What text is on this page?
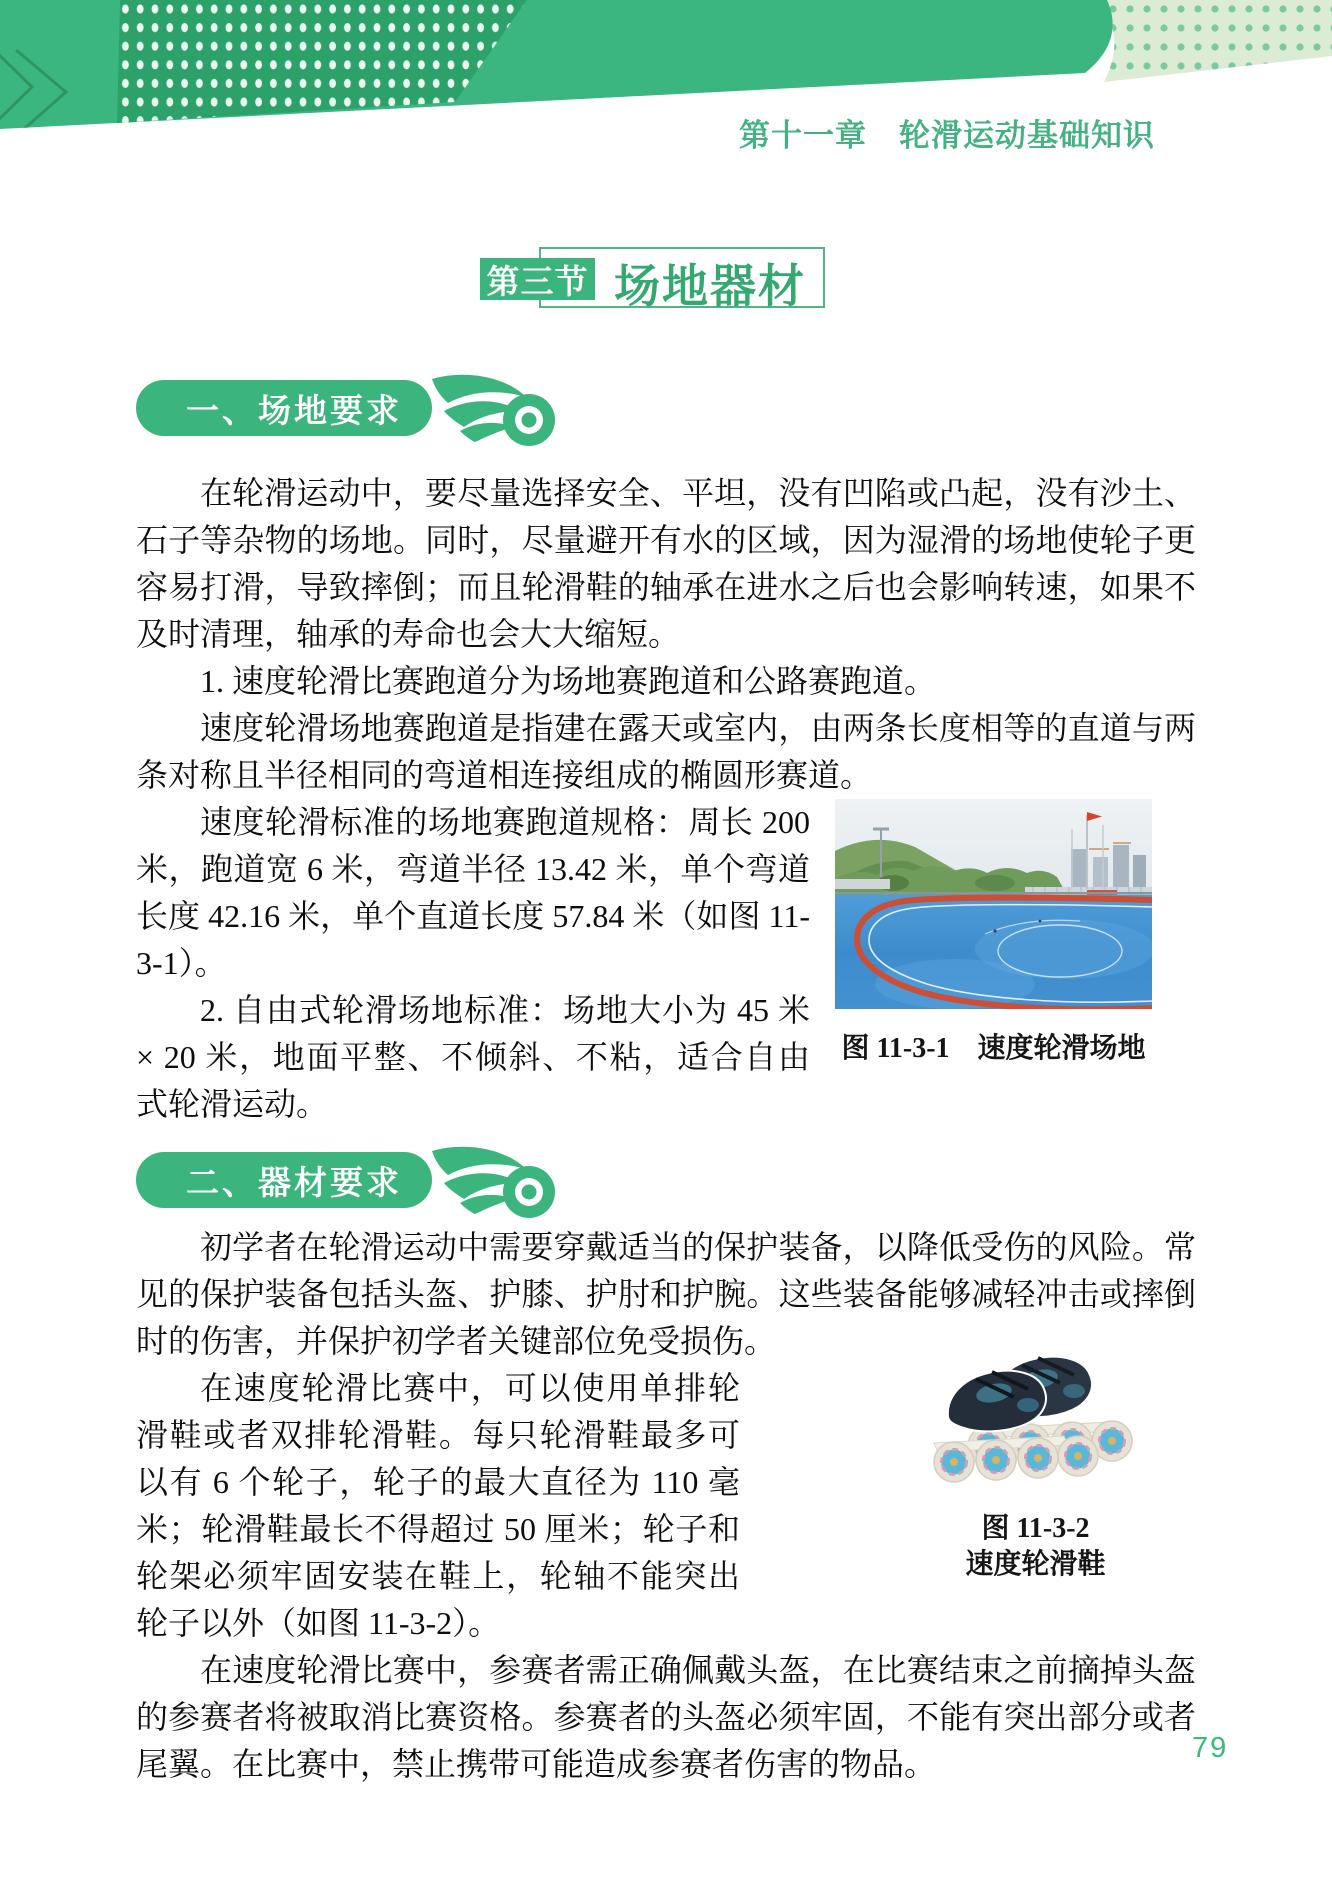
第十一章　轮滑运动基础知识
第三节 场地器材
一、场地要求

在轮滑运动中，要尽量选择安全、平坦，没有凹陷或凸起，没有沙土、石子等杂物的场地。同时，尽量避开有水的区域，因为湿滑的场地使轮子更容易打滑，导致摔倒；而且轮滑鞋的轴承在进水之后也会影响转速，如果不及时清理，轴承的寿命也会大大缩短。

1. 速度轮滑比赛跑道分为场地赛跑道和公路赛跑道。

速度轮滑场地赛跑道是指建在露天或室内，由两条长度相等的直道与两条对称且半径相同的弯道相连接组成的椭圆形赛道。

图 11-3-1　速度轮滑场地

速度轮滑标准的场地赛跑道规格：周长 200 米，跑道宽 6 米，弯道半径 13.42 米，单个弯道长度 42.16 米，单个直道长度 57.84 米（如图 11-3-1）。

2. 自由式轮滑场地标准：场地大小为 45 米 × 20 米，地面平整、不倾斜、不粘，适合自由式轮滑运动。

二、器材要求

初学者在轮滑运动中需要穿戴适当的保护装备，以降低受伤的风险。常见的保护装备包括头盔、护膝、护肘和护腕。这些装备能够减轻冲击或摔倒时的伤害，并保护初学者关键部位免受损伤。

图 11-3-2
速度轮滑鞋

在速度轮滑比赛中，可以使用单排轮滑鞋或者双排轮滑鞋。每只轮滑鞋最多可以有 6 个轮子，轮子的最大直径为 110 毫米；轮滑鞋最长不得超过 50 厘米；轮子和轮架必须牢固安装在鞋上，轮轴不能突出轮子以外（如图 11-3-2）。

在速度轮滑比赛中，参赛者需正确佩戴头盔，在比赛结束之前摘掉头盔的参赛者将被取消比赛资格。参赛者的头盔必须牢固，不能有突出部分或者尾翼。在比赛中，禁止携带可能造成参赛者伤害的物品。	79
